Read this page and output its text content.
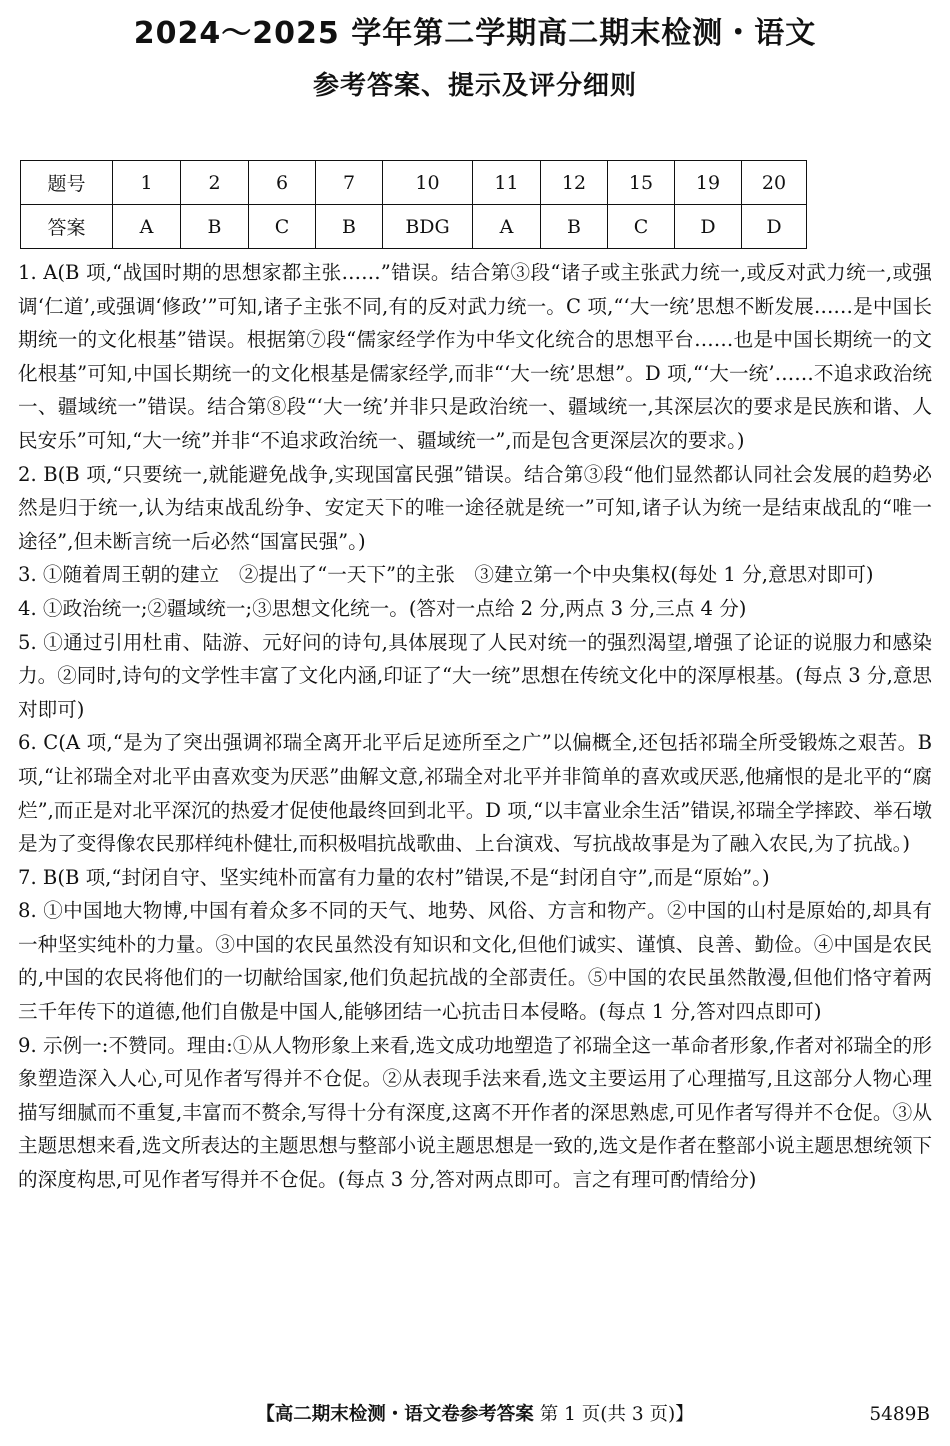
2024～2025 学年第二学期高二期末检测・语文
参考答案、提示及评分细则
题号	1	2	6	7	10	11	12	15	19	20
答案	A	B	C	B	BDG	A	B	C	D	D

1. A(B 项,“战国时期的思想家都主张……”错误。结合第③段“诸子或主张武力统一,或反对武力统一,或强调‘仁道’,或强调‘修政’”可知,诸子主张不同,有的反对武力统一。C 项,“‘大一统’思想不断发展……是中国长期统一的文化根基”错误。根据第⑦段“儒家经学作为中华文化统合的思想平台……也是中国长期统一的文化根基”可知,中国长期统一的文化根基是儒家经学,而非“‘大一统’思想”。D 项,“‘大一统’……不追求政治统一、疆域统一”错误。结合第⑧段“‘大一统’并非只是政治统一、疆域统一,其深层次的要求是民族和谐、人民安乐”可知,“大一统”并非“不追求政治统一、疆域统一”,而是包含更深层次的要求。)

2. B(B 项,“只要统一,就能避免战争,实现国富民强”错误。结合第③段“他们显然都认同社会发展的趋势必然是归于统一,认为结束战乱纷争、安定天下的唯一途径就是统一”可知,诸子认为统一是结束战乱的“唯一途径”,但未断言统一后必然“国富民强”。)

3. ①随着周王朝的建立　②提出了“一天下”的主张　③建立第一个中央集权(每处 1 分,意思对即可)

4. ①政治统一;②疆域统一;③思想文化统一。(答对一点给 2 分,两点 3 分,三点 4 分)

5. ①通过引用杜甫、陆游、元好问的诗句,具体展现了人民对统一的强烈渴望,增强了论证的说服力和感染力。②同时,诗句的文学性丰富了文化内涵,印证了“大一统”思想在传统文化中的深厚根基。(每点 3 分,意思对即可)

6. C(A 项,“是为了突出强调祁瑞全离开北平后足迹所至之广”以偏概全,还包括祁瑞全所受锻炼之艰苦。B 项,“让祁瑞全对北平由喜欢变为厌恶”曲解文意,祁瑞全对北平并非简单的喜欢或厌恶,他痛恨的是北平的“腐烂”,而正是对北平深沉的热爱才促使他最终回到北平。D 项,“以丰富业余生活”错误,祁瑞全学摔跤、举石墩是为了变得像农民那样纯朴健壮,而积极唱抗战歌曲、上台演戏、写抗战故事是为了融入农民,为了抗战。)

7. B(B 项,“封闭自守、坚实纯朴而富有力量的农村”错误,不是“封闭自守”,而是“原始”。)

8. ①中国地大物博,中国有着众多不同的天气、地势、风俗、方言和物产。②中国的山村是原始的,却具有一种坚实纯朴的力量。③中国的农民虽然没有知识和文化,但他们诚实、谨慎、良善、勤俭。④中国是农民的,中国的农民将他们的一切献给国家,他们负起抗战的全部责任。⑤中国的农民虽然散漫,但他们恪守着两三千年传下的道德,他们自傲是中国人,能够团结一心抗击日本侵略。(每点 1 分,答对四点即可)

9. 示例一:不赞同。理由:①从人物形象上来看,选文成功地塑造了祁瑞全这一革命者形象,作者对祁瑞全的形象塑造深入人心,可见作者写得并不仓促。②从表现手法来看,选文主要运用了心理描写,且这部分人物心理描写细腻而不重复,丰富而不赘余,写得十分有深度,这离不开作者的深思熟虑,可见作者写得并不仓促。③从主题思想来看,选文所表达的主题思想与整部小说主题思想是一致的,选文是作者在整部小说主题思想统领下的深度构思,可见作者写得并不仓促。(每点 3 分,答对两点即可。言之有理可酌情给分)

【高二期末检测・语文卷参考答案 第 1 页(共 3 页)】	5489B
